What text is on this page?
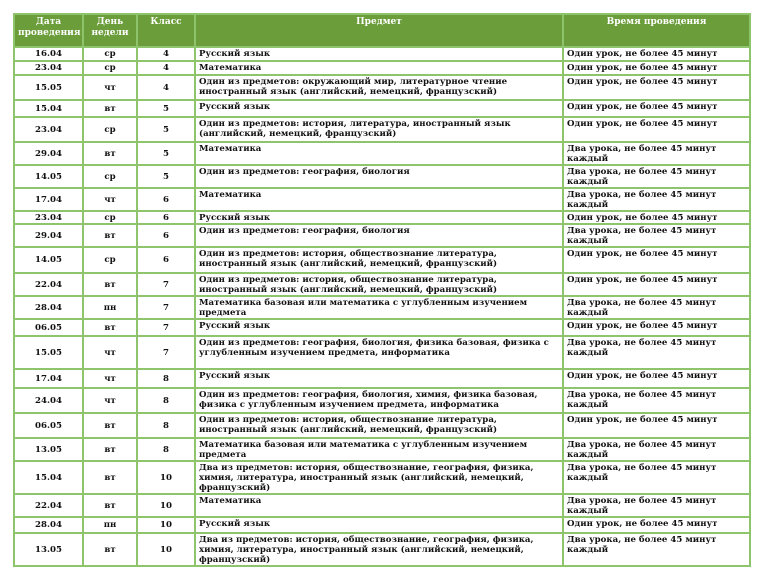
Дата проведения	День недели	Класс	Предмет	Время проведения
16.04	ср	4	Русский язык	Один урок, не более 45 минут
23.04	ср	4	Математика	Один урок, не более 45 минут
15.05	чт	4	Один из предметов: окружающий мир, литературное чтение иностранный язык (английский, немецкий, французский)	Один урок, не более 45 минут
15.04	вт	5	Русский язык	Один урок, не более 45 минут
23.04	ср	5	Один из предметов: история, литература, иностранный язык (английский, немецкий, французский)	Один урок, не более 45 минут
29.04	вт	5	Математика	Два урока, не более 45 минут каждый
14.05	ср	5	Один из предметов: география, биология	Два урока, не более 45 минут каждый
17.04	чт	6	Математика	Два урока, не более 45 минут каждый
23.04	ср	6	Русский язык	Один урок, не более 45 минут
29.04	вт	6	Один из предметов: география, биология	Два урока, не более 45 минут каждый
14.05	ср	6	Один из предметов: история, обществознание литература, иностранный язык (английский, немецкий, французский)	Один урок, не более 45 минут
22.04	вт	7	Один из предметов: история, обществознание литература, иностранный язык (английский, немецкий, французский)	Один урок, не более 45 минут
28.04	пн	7	Математика базовая или математика с углубленным изучением предмета	Два урока, не более 45 минут каждый
06.05	вт	7	Русский язык	Один урок, не более 45 минут
15.05	чт	7	Один из предметов: география, биология, физика базовая, физика с углубленным изучением предмета, информатика	Два урока, не более 45 минут каждый
17.04	чт	8	Русский язык	Один урок, не более 45 минут
24.04	чт	8	Один из предметов: география, биология, химия, физика базовая, физика с углубленным изучением предмета, информатика	Два урока, не более 45 минут каждый
06.05	вт	8	Один из предметов: история, обществознание литература, иностранный язык (английский, немецкий, французский)	Один урок, не более 45 минут
13.05	вт	8	Математика базовая или математика с углубленным изучением предмета	Два урока, не более 45 минут каждый
15.04	вт	10	Два из предметов: история, обществознание, география, физика, химия, литература, иностранный язык (английский, немецкий, французский)	Два урока, не более 45 минут каждый
22.04	вт	10	Математика	Два урока, не более 45 минут каждый
28.04	пн	10	Русский язык	Один урок, не более 45 минут
13.05	вт	10	Два из предметов: история, обществознание, география, физика, химия, литература, иностранный язык (английский, немецкий, французский)	Два урока, не более 45 минут каждый
